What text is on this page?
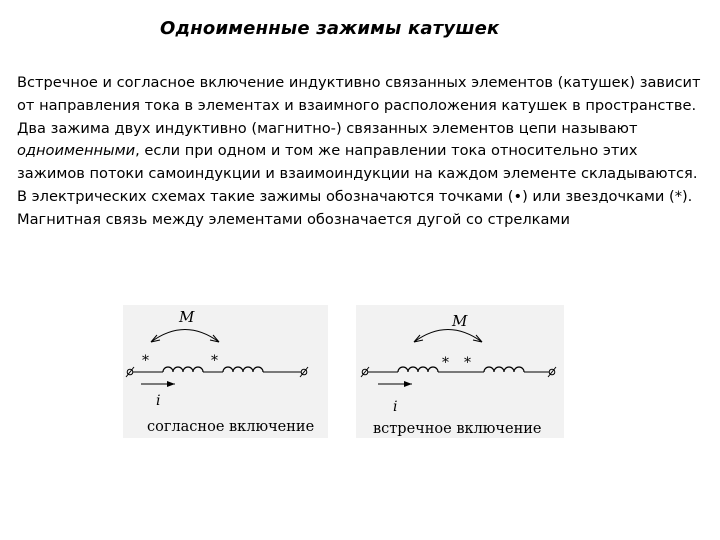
Одноименные зажимы катушек
Встречное и согласное включение индуктивно связанных элементов (катушек) зависит от направления тока в элементах и взаимного расположения катушек в пространстве. Два зажима двух индуктивно (магнитно-) связанных элементов цепи называют одноименными, если при одном и том же направлении тока относительно этих зажимов потоки самоиндукции и взаимоиндукции на каждом элементе складываются. В электрических схемах такие зажимы обозначаются точками (•) или звездочками (*). Магнитная связь между элементами обозначается дугой со стрелками
M
*	*
i
согласное включение
M
* *
i
встречное включение
